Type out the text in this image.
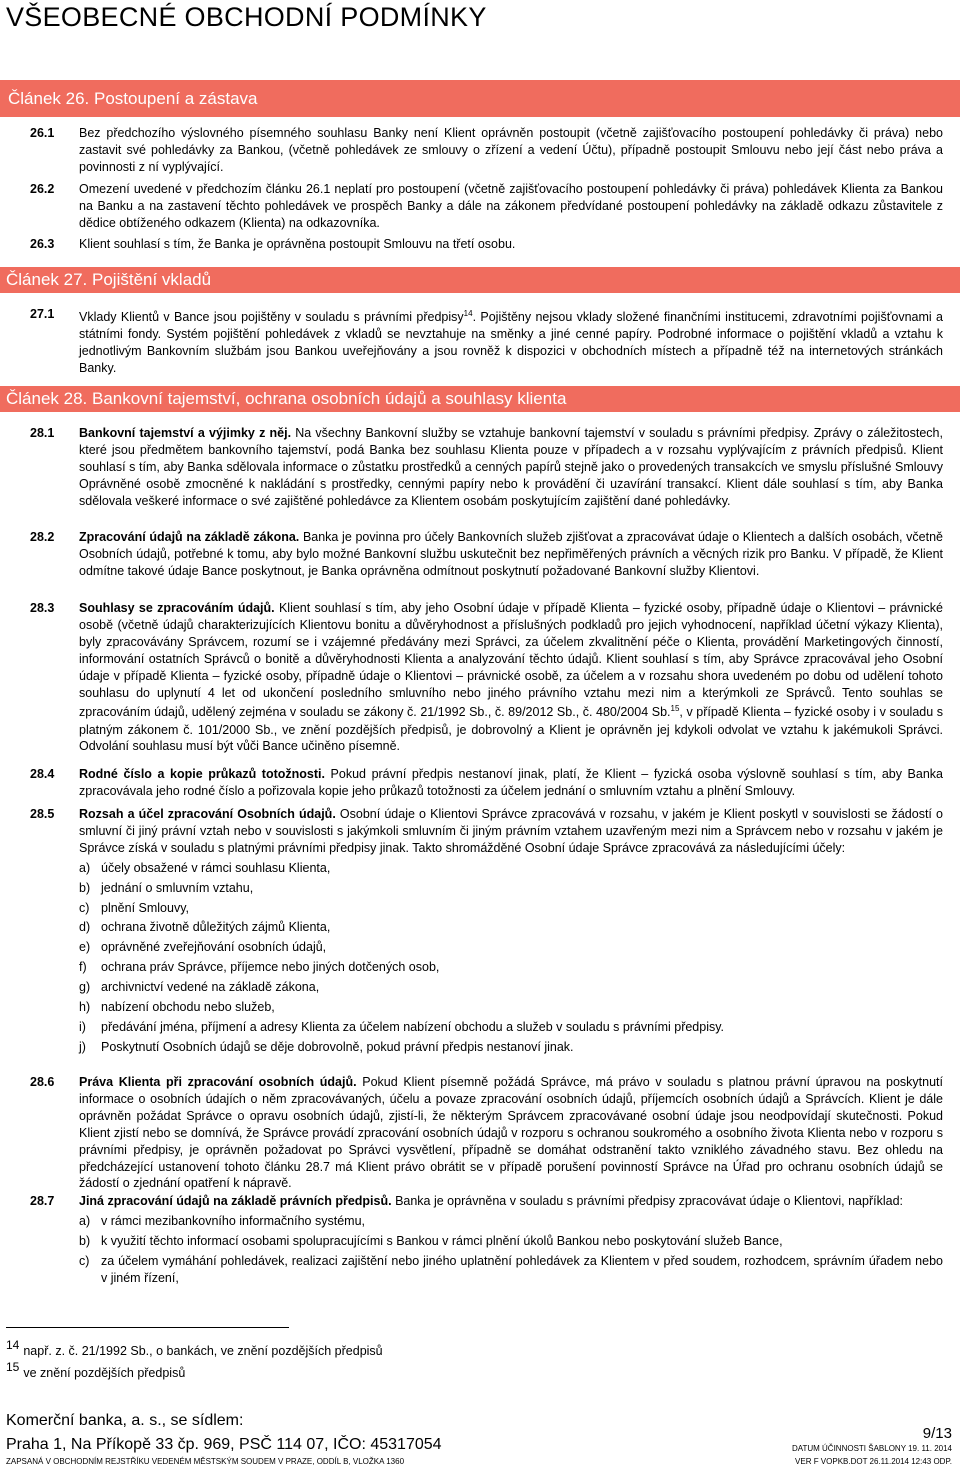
VŠEOBECNÉ OBCHODNÍ PODMÍNKY
Článek 26. Postoupení a zástava
26.1 Bez předchozího výslovného písemného souhlasu Banky není Klient oprávněn postoupit (včetně zajišťovacího postoupení pohledávky či práva) nebo zastavit své pohledávky za Bankou, (včetně pohledávek ze smlouvy o zřízení a vedení Účtu), případně postoupit Smlouvu nebo její část nebo práva a povinnosti z ní vyplývající.
26.2 Omezení uvedené v předchozím článku 26.1 neplatí pro postoupení (včetně zajišťovacího postoupení pohledávky či práva) pohledávek Klienta za Bankou na Banku a na zastavení těchto pohledávek ve prospěch Banky a dále na zákonem předvídané postoupení pohledávky na základě odkazu zůstavitele z dědice obtíženého odkazem (Klienta) na odkazovníka.
26.3 Klient souhlasí s tím, že Banka je oprávněna postoupit Smlouvu na třetí osobu.
Článek 27. Pojištění vkladů
27.1 Vklady Klientů v Bance jsou pojištěny v souladu s právními předpisy$^{14}$. Pojištěny nejsou vklady složené finančními institucemi, zdravotními pojišťovnami a státními fondy. Systém pojištění pohledávek z vkladů se nevztahuje na směnky a jiné cenné papíry. Podrobné informace o pojištění vkladů a vztahu k jednotlivým Bankovním službám jsou Bankou uveřejňovány a jsou rovněž k dispozici v obchodních místech a případně též na internetových stránkách Banky.
Článek 28. Bankovní tajemství, ochrana osobních údajů a souhlasy klienta
28.1 Bankovní tajemství a výjimky z něj. Na všechny Bankovní služby se vztahuje bankovní tajemství v souladu s právními předpisy. Zprávy o záležitostech, které jsou předmětem bankovního tajemství, podá Banka bez souhlasu Klienta pouze v případech a v rozsahu vyplývajícím z právních předpisů. Klient souhlasí s tím, aby Banka sdělovala informace o zůstatku prostředků a cenných papírů stejně jako o provedených transakcích ve smyslu příslušné Smlouvy Oprávněné osobě zmocněné k nakládání s prostředky, cennými papíry nebo k provádění či uzavírání transakcí. Klient dále souhlasí s tím, aby Banka sdělovala veškeré informace o své zajištěné pohledávce za Klientem osobám poskytujícím zajištění dané pohledávky.
28.2 Zpracování údajů na základě zákona. Banka je povinna pro účely Bankovních služeb zjišťovat a zpracovávat údaje o Klientech a dalších osobách, včetně Osobních údajů, potřebné k tomu, aby bylo možné Bankovní službu uskutečnit bez nepřiměřených právních a věcných rizik pro Banku. V případě, že Klient odmítne takové údaje Bance poskytnout, je Banka oprávněna odmítnout poskytnutí požadované Bankovní služby Klientovi.
28.3 Souhlasy se zpracováním údajů. Klient souhlasí s tím, aby jeho Osobní údaje v případě Klienta – fyzické osoby, případně údaje o Klientovi – právnické osobě (včetně údajů charakterizujících Klientovu bonitu a důvěryhodnost a příslušných podkladů pro jejich vyhodnocení, například účetní výkazy Klienta), byly zpracovávány Správcem, rozumí se i vzájemné předávány mezi Správci, za účelem zkvalitnění péče o Klienta, provádění Marketingových činností, informování ostatních Správců o bonitě a důvěryhodnosti Klienta a analyzování těchto údajů. Klient souhlasí s tím, aby Správce zpracovával jeho Osobní údaje v případě Klienta – fyzické osoby, případně údaje o Klientovi – právnické osobě, za účelem a v rozsahu shora uvedeném po dobu od udělení tohoto souhlasu do uplynutí 4 let od ukončení posledního smluvního nebo jiného právního vztahu mezi nim a kterýmkoli ze Správců. Tento souhlas se zpracováním údajů, udělený zejména v souladu se zákony č. 21/1992 Sb., č. 89/2012 Sb., č. 480/2004 Sb.$^{15}$, v případě Klienta – fyzické osoby i v souladu s platným zákonem č. 101/2000 Sb., ve znění pozdějších předpisů, je dobrovolný a Klient je oprávněn jej kdykoli odvolat ve vztahu k jakémukoli Správci. Odvolání souhlasu musí být vůči Bance učiněno písemně.
28.4 Rodné číslo a kopie průkazů totožnosti. Pokud právní předpis nestanoví jinak, platí, že Klient – fyzická osoba výslovně souhlasí s tím, aby Banka zpracovávala jeho rodné číslo a pořizovala kopie jeho průkazů totožnosti za účelem jednání o smluvním vztahu a plnění Smlouvy.
28.5 Rozsah a účel zpracování Osobních údajů. Osobní údaje o Klientovi Správce zpracovává v rozsahu, v jakém je Klient poskytl v souvislosti se žádostí o smluvní či jiný právní vztah nebo v souvislosti s jakýmkoli smluvním či jiným právním vztahem uzavřeným mezi nim a Správcem nebo v rozsahu v jakém je Správce získá v souladu s platnými právními předpisy jinak. Takto shromážděné Osobní údaje Správce zpracovává za následujícími účely:
a) účely obsažené v rámci souhlasu Klienta,
b) jednání o smluvním vztahu,
c) plnění Smlouvy,
d) ochrana životně důležitých zájmů Klienta,
e) oprávněné zveřejňování osobních údajů,
f)	ochrana práv Správce, příjemce nebo jiných dotčených osob,
g) archivnictví vedené na základě zákona,
h) nabízení obchodu nebo služeb,
i)	předávání jména, příjmení a adresy Klienta za účelem nabízení obchodu a služeb v souladu s právními předpisy.
j)	Poskytnutí Osobních údajů se děje dobrovolně, pokud právní předpis nestanoví jinak.
28.6 Práva Klienta při zpracování osobních údajů. Pokud Klient písemně požádá Správce, má právo v souladu s platnou právní úpravou na poskytnutí informace o osobních údajích o něm zpracovávaných, účelu a povaze zpracování osobních údajů, příjemcích osobních údajů a Správcích. Klient je dále oprávněn požádat Správce o opravu osobních údajů, zjistí-li, že některým Správcem zpracovávané osobní údaje jsou neodpovídají skutečnosti. Pokud Klient zjistí nebo se domnívá, že Správce provádí zpracování osobních údajů v rozporu s ochranou soukromého a osobního života Klienta nebo v rozporu s právními předpisy, je oprávněn požadovat po Správci vysvětlení, případně se domáhat odstranění takto vzniklého závadného stavu. Bez ohledu na předcházející ustanovení tohoto článku 28.7 má Klient právo obrátit se v případě porušení povinností Správce na Úřad pro ochranu osobních údajů se žádostí o zjednání opatření k nápravě.
28.7 Jiná zpracování údajů na základě právních předpisů. Banka je oprávněna v souladu s právními předpisy zpracovávat údaje o Klientovi, například:
a) v rámci mezibankovního informačního systému,
b) k využití těchto informací osobami spolupracujícími s Bankou v rámci plnění úkolů Bankou nebo poskytování služeb Bance,
c) za účelem vymáhání pohledávek, realizaci zajištění nebo jiného uplatnění pohledávek za Klientem v před soudem, rozhodcem, správním úřadem nebo v jiném řízení,
$^{14}$ např. z. č. 21/1992 Sb., o bankách, ve znění pozdějších předpisů
$^{15}$ ve znění pozdějších předpisů
Komerční banka, a. s., se sídlem:
Praha 1, Na Příkopě 33 čp. 969, PSČ 114 07, IČO: 45317054
ZAPSANÁ V OBCHODNÍM REJSTŘÍKU VEDENÉM MĚSTSKÝM SOUDEM V PRAZE, ODDÍL B, VLOŽKA 1360
9/13
DATUM ÚČINNOSTI ŠABLONY 19. 11. 2014
VER F VOPKB.DOT 26.11.2014 12:43 ODP.
